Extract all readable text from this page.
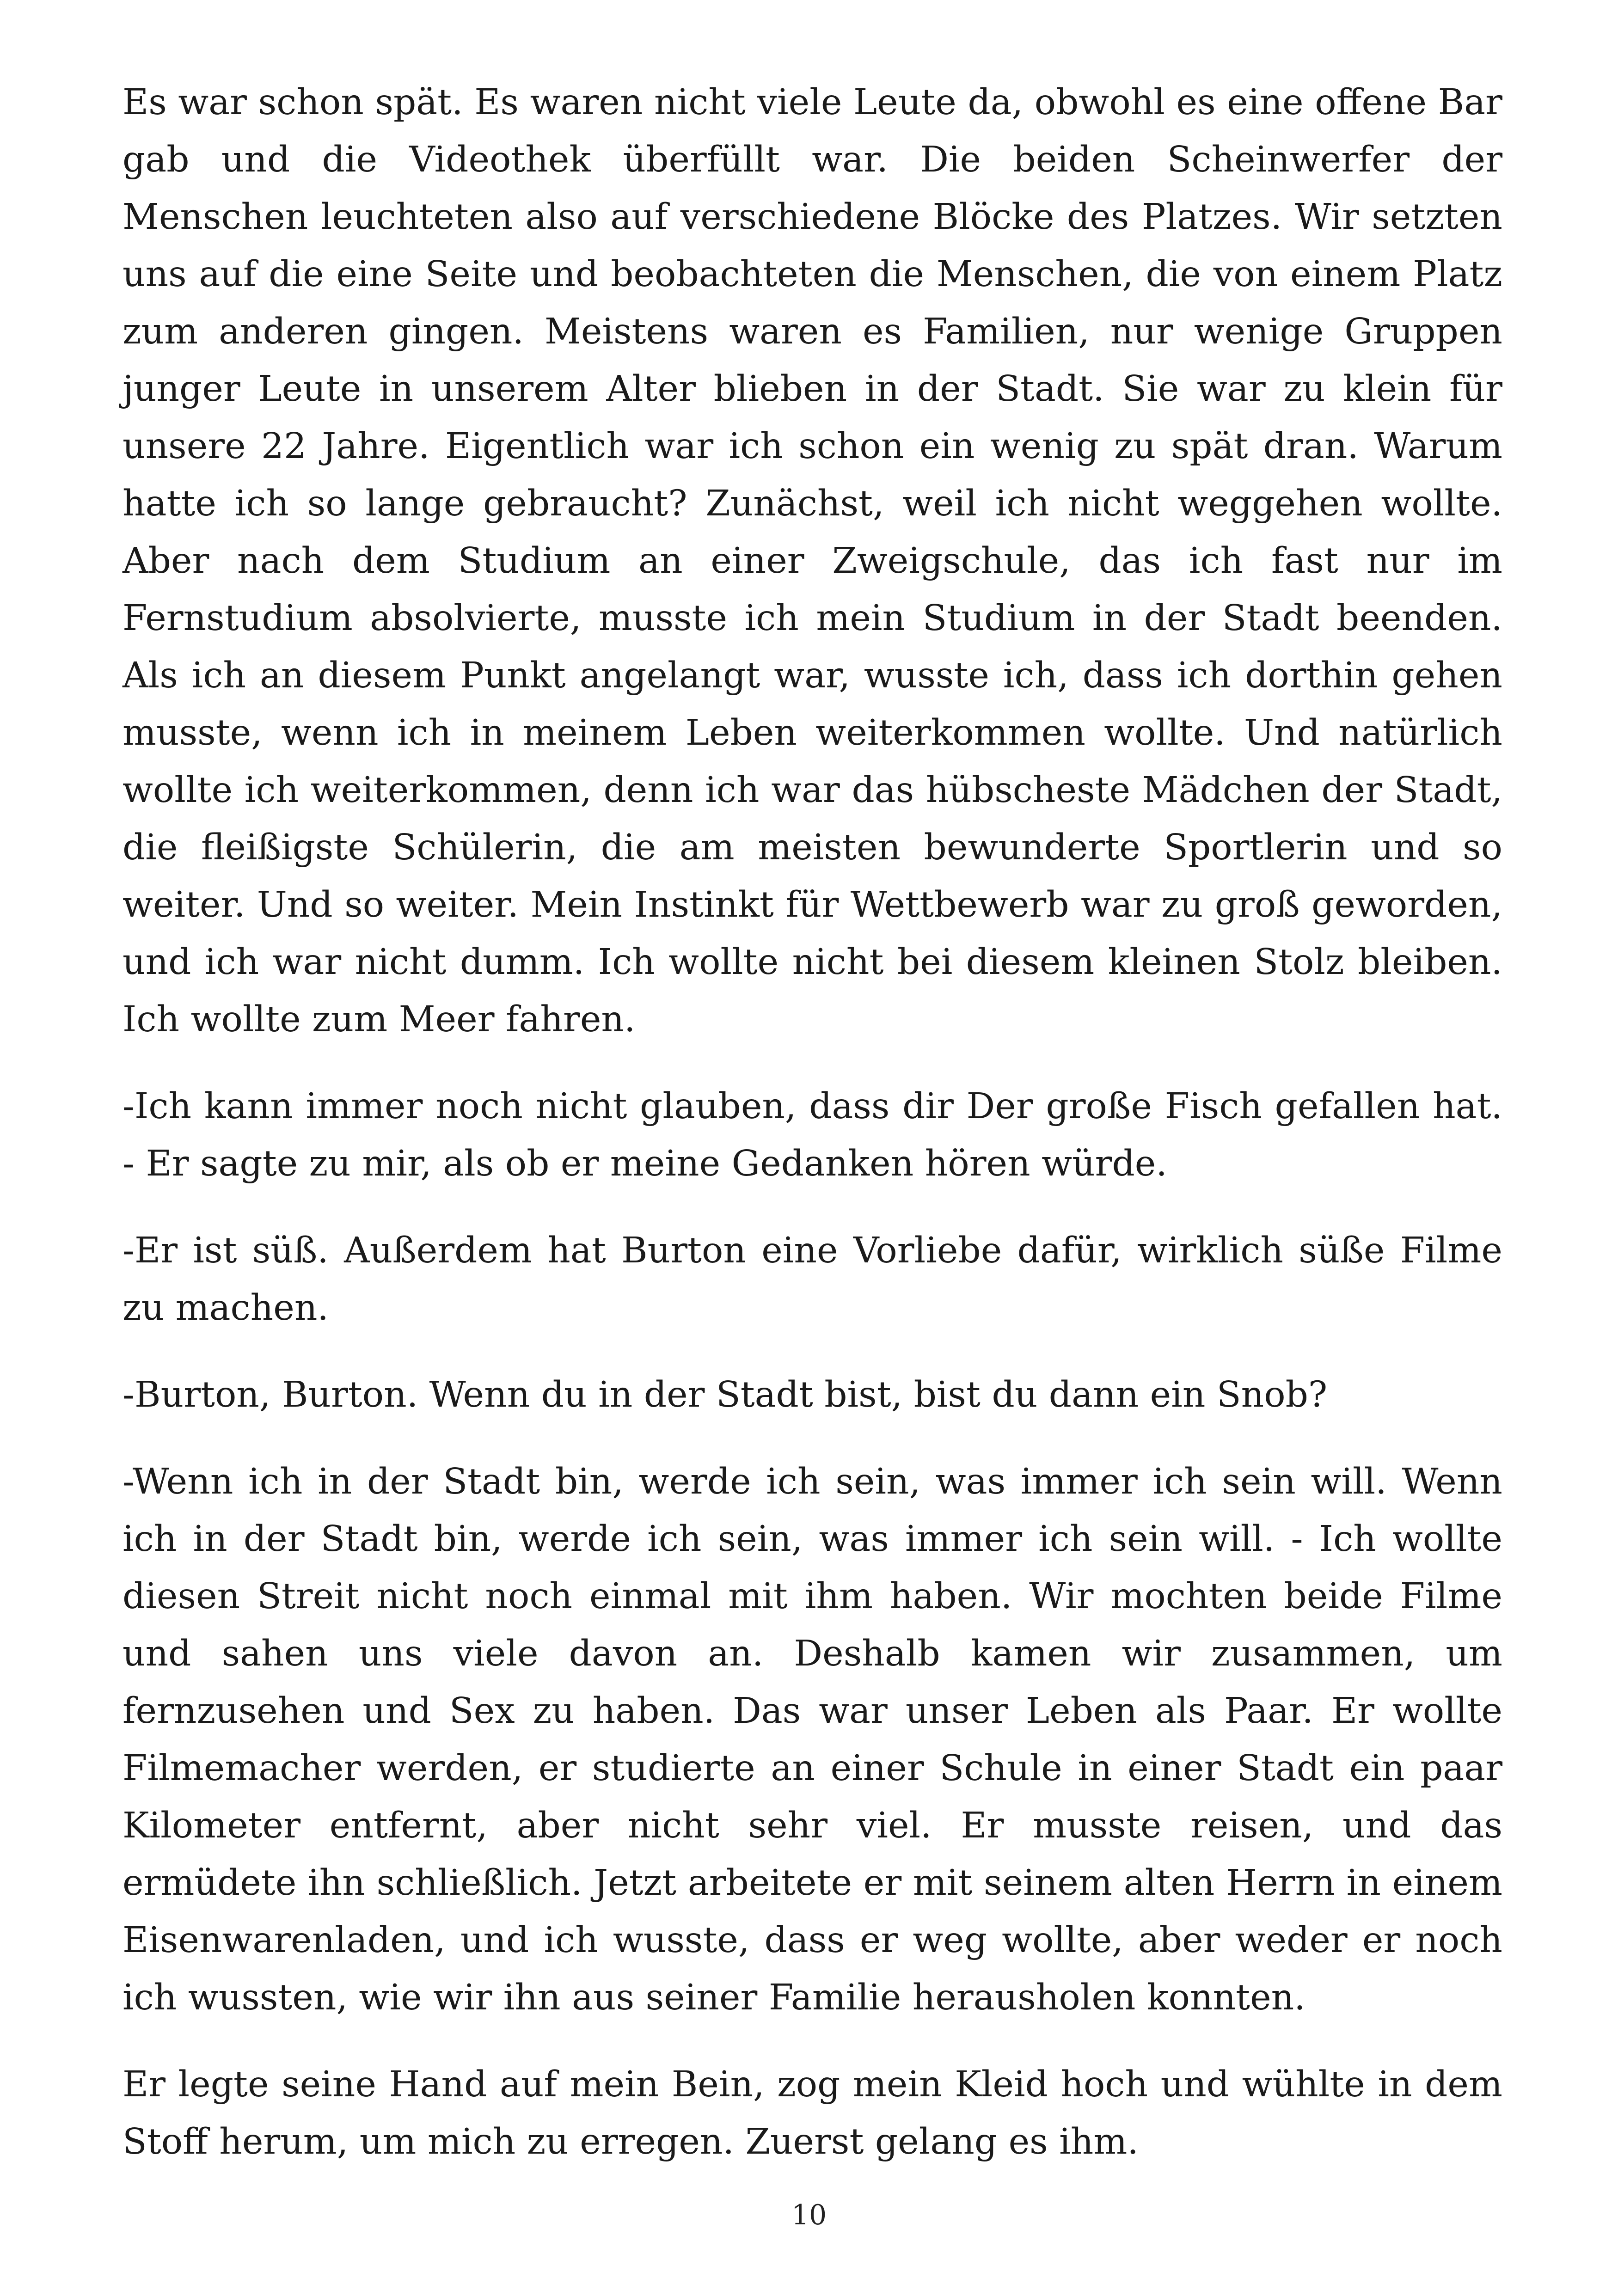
Es war schon spät. Es waren nicht viele Leute da, obwohl es eine offene Bar gab und die Videothek überfüllt war. Die beiden Scheinwerfer der Menschen leuchteten also auf verschiedene Blöcke des Platzes. Wir setzten uns auf die eine Seite und beobachteten die Menschen, die von einem Platz zum anderen gingen. Meistens waren es Familien, nur wenige Gruppen junger Leute in unserem Alter blieben in der Stadt. Sie war zu klein für unsere 22 Jahre. Eigentlich war ich schon ein wenig zu spät dran. Warum hatte ich so lange gebraucht? Zunächst, weil ich nicht weggehen wollte. Aber nach dem Studium an einer Zweigschule, das ich fast nur im Fernstudium absolvierte, musste ich mein Studium in der Stadt beenden. Als ich an diesem Punkt angelangt war, wusste ich, dass ich dorthin gehen musste, wenn ich in meinem Leben weiterkommen wollte. Und natürlich wollte ich weiterkommen, denn ich war das hübscheste Mädchen der Stadt, die fleißigste Schülerin, die am meisten bewunderte Sportlerin und so weiter. Und so weiter. Mein Instinkt für Wettbewerb war zu groß geworden, und ich war nicht dumm. Ich wollte nicht bei diesem kleinen Stolz bleiben. Ich wollte zum Meer fahren.

-Ich kann immer noch nicht glauben, dass dir Der große Fisch gefallen hat. - Er sagte zu mir, als ob er meine Gedanken hören würde.

-Er ist süß. Außerdem hat Burton eine Vorliebe dafür, wirklich süße Filme zu machen.

-Burton, Burton. Wenn du in der Stadt bist, bist du dann ein Snob?

-Wenn ich in der Stadt bin, werde ich sein, was immer ich sein will. Wenn ich in der Stadt bin, werde ich sein, was immer ich sein will. - Ich wollte diesen Streit nicht noch einmal mit ihm haben. Wir mochten beide Filme und sahen uns viele davon an. Deshalb kamen wir zusammen, um fernzusehen und Sex zu haben. Das war unser Leben als Paar. Er wollte Filmemacher werden, er studierte an einer Schule in einer Stadt ein paar Kilometer entfernt, aber nicht sehr viel. Er musste reisen, und das ermüdete ihn schließlich. Jetzt arbeitete er mit seinem alten Herrn in einem Eisenwarenladen, und ich wusste, dass er weg wollte, aber weder er noch ich wussten, wie wir ihn aus seiner Familie herausholen konnten.

Er legte seine Hand auf mein Bein, zog mein Kleid hoch und wühlte in dem Stoff herum, um mich zu erregen. Zuerst gelang es ihm.

10
